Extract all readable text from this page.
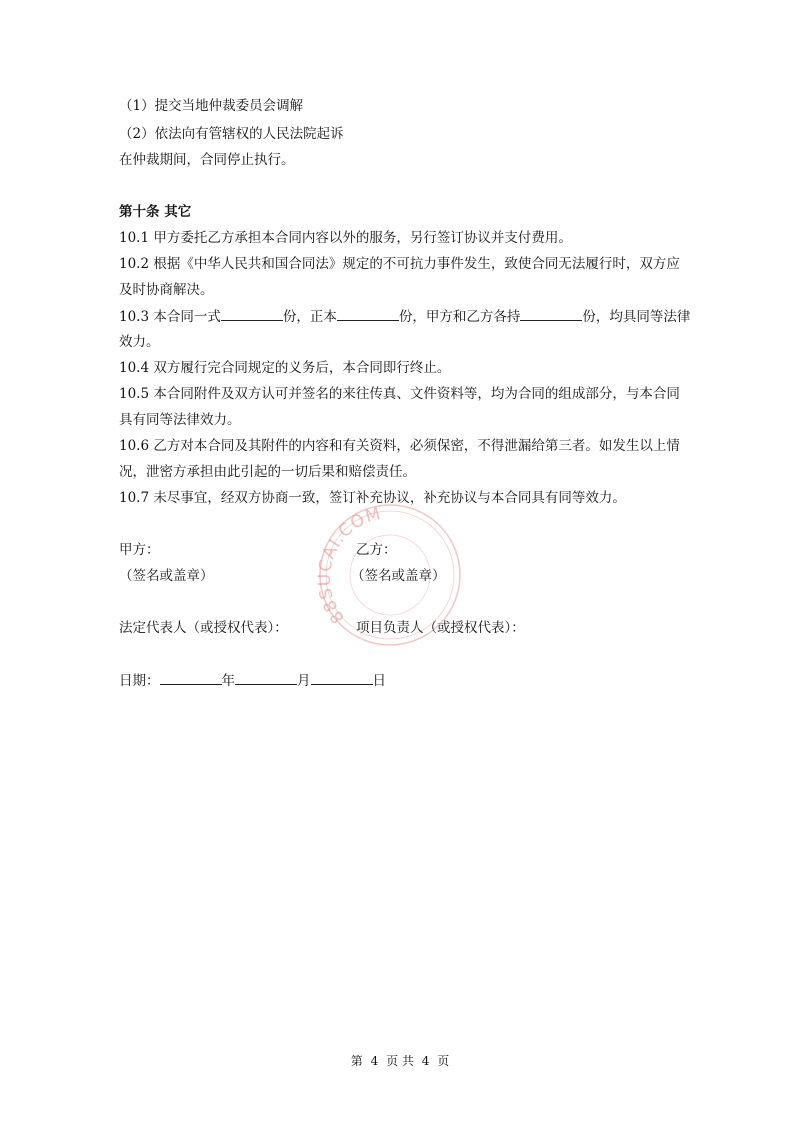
（1）提交当地仲裁委员会调解
（2）依法向有管辖权的人民法院起诉
在仲裁期间，合同停止执行。
第十条 其它
10.1 甲方委托乙方承担本合同内容以外的服务，另行签订协议并支付费用。
10.2 根据《中华人民共和国合同法》规定的不可抗力事件发生，致使合同无法履行时，双方应
及时协商解决。
10.3 本合同一式	份，正本	份，甲方和乙方各持	份，均具同等法律
效力。
10.4 双方履行完合同规定的义务后，本合同即行终止。
10.5 本合同附件及双方认可并签名的来往传真、文件资料等，均为合同的组成部分，与本合同
具有同等法律效力。
10.6 乙方对本合同及其附件的内容和有关资料，必须保密，不得泄漏给第三者。如发生以上情
况，泄密方承担由此引起的一切后果和赔偿责任。
10.7 未尽事宜，经双方协商一致，签订补充协议，补充协议与本合同具有同等效力。
甲方：	乙方：
（签名或盖章）	（签名或盖章）
法定代表人（或授权代表）：	项目负责人（或授权代表）：
日期：	年	月	日
88SUCAI.COM
第 4 页 共 4 页
